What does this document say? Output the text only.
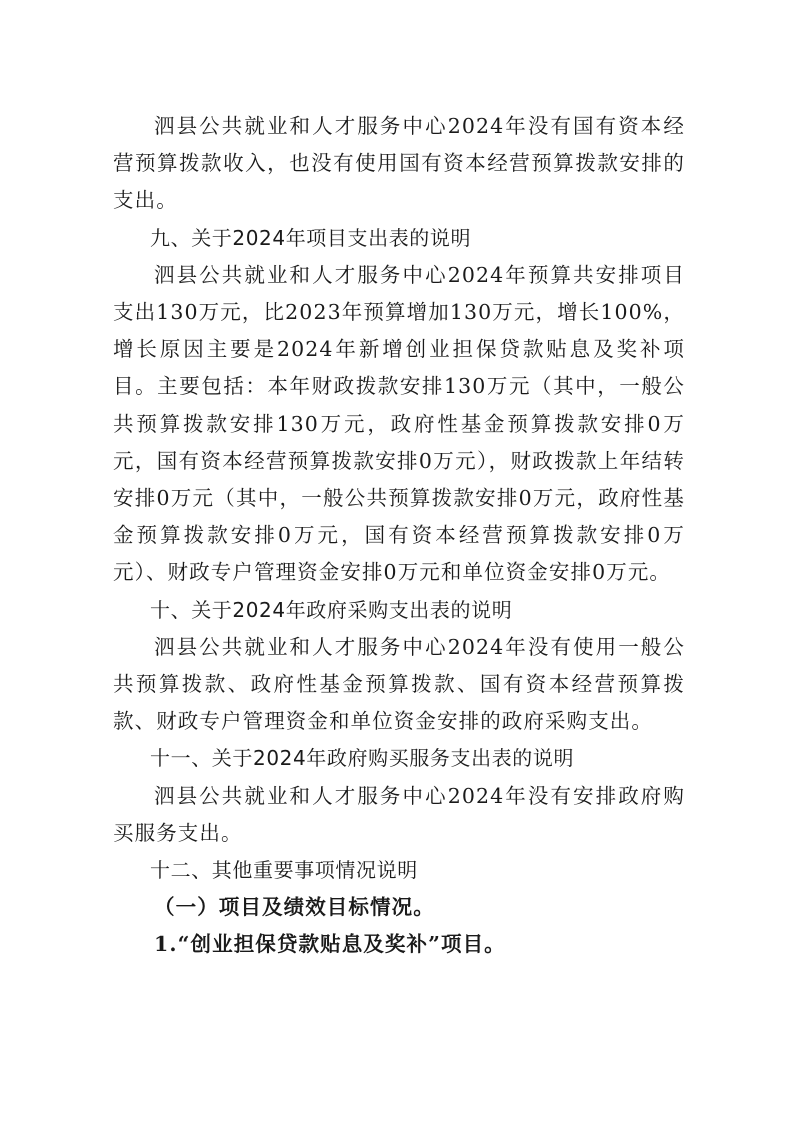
泗县公共就业和人才服务中心2024年没有国有资本经营预算拨款收入，也没有使用国有资本经营预算拨款安排的支出。

九、关于2024年项目支出表的说明

泗县公共就业和人才服务中心2024年预算共安排项目支出130万元，比2023年预算增加130万元，增长100%，增长原因主要是2024年新增创业担保贷款贴息及奖补项目。主要包括：本年财政拨款安排130万元（其中，一般公共预算拨款安排130万元，政府性基金预算拨款安排0万元，国有资本经营预算拨款安排0万元），财政拨款上年结转安排0万元（其中，一般公共预算拨款安排0万元，政府性基金预算拨款安排0万元，国有资本经营预算拨款安排0万元）、财政专户管理资金安排0万元和单位资金安排0万元。

十、关于2024年政府采购支出表的说明

泗县公共就业和人才服务中心2024年没有使用一般公共预算拨款、政府性基金预算拨款、国有资本经营预算拨款、财政专户管理资金和单位资金安排的政府采购支出。

十一、关于2024年政府购买服务支出表的说明

泗县公共就业和人才服务中心2024年没有安排政府购买服务支出。

十二、其他重要事项情况说明

（一）项目及绩效目标情况。

1.“创业担保贷款贴息及奖补”项目。
